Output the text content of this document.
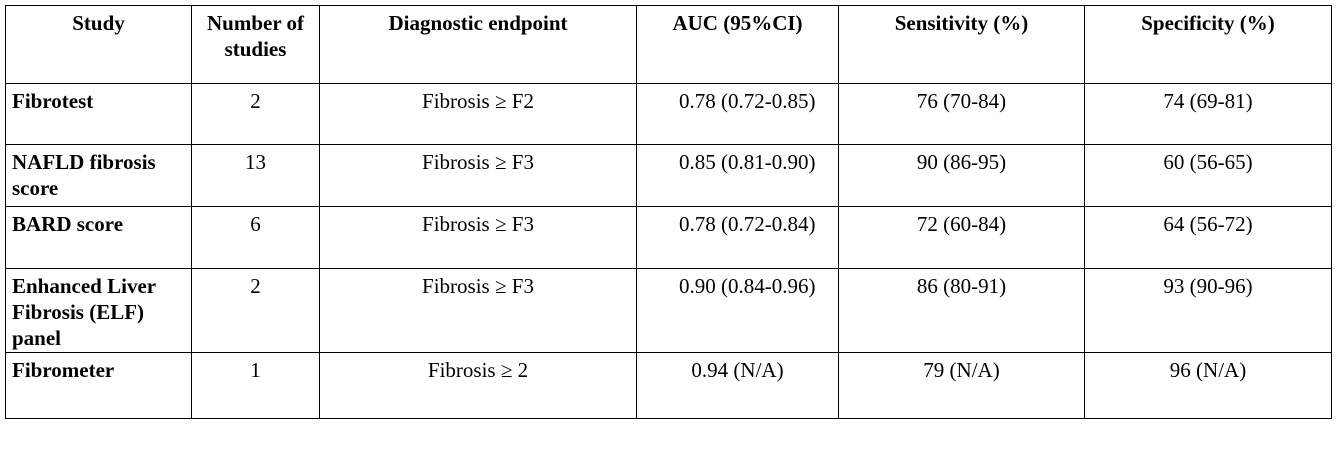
Study	Number of studies	Diagnostic endpoint	AUC (95%CI)	Sensitivity (%)	Specificity (%)
Fibrotest	2	Fibrosis ≥ F2	0.78 (0.72-0.85)	76 (70-84)	74 (69-81)
NAFLD fibrosis score	13	Fibrosis ≥ F3	0.85 (0.81-0.90)	90 (86-95)	60 (56-65)
BARD score	6	Fibrosis ≥ F3	0.78 (0.72-0.84)	72 (60-84)	64 (56-72)
Enhanced Liver Fibrosis (ELF) panel	2	Fibrosis ≥ F3	0.90 (0.84-0.96)	86 (80-91)	93 (90-96)
Fibrometer	1	Fibrosis ≥ 2	0.94 (N/A)	79 (N/A)	96 (N/A)
